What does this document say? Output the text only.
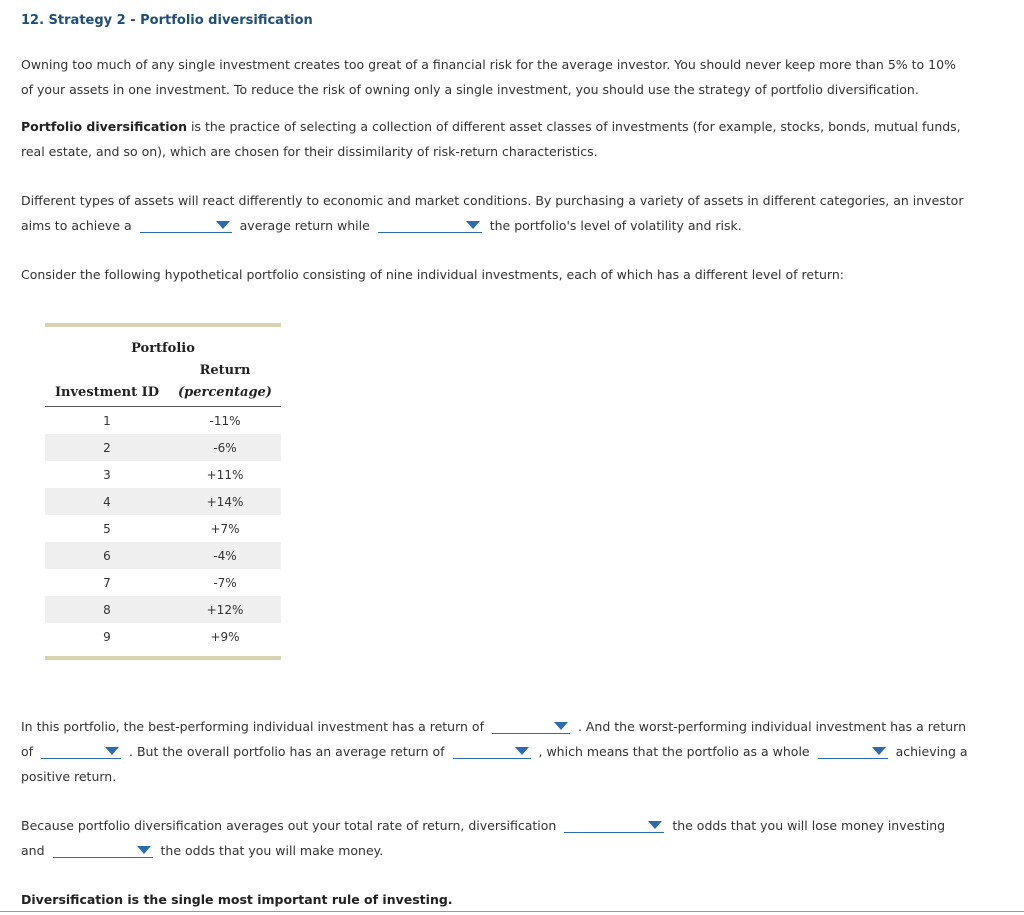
12. Strategy 2 - Portfolio diversification

Owning too much of any single investment creates too great of a financial risk for the average investor. You should never keep more than 5% to 10%
of your assets in one investment. To reduce the risk of owning only a single investment, you should use the strategy of portfolio diversification.

Portfolio diversification is the practice of selecting a collection of different asset classes of investments (for example, stocks, bonds, mutual funds,
real estate, and so on), which are chosen for their dissimilarity of risk-return characteristics.

Different types of assets will react differently to economic and market conditions. By purchasing a variety of assets in different categories, an investor
aims to achieve a	average return while	the portfolio's level of volatility and risk.

Consider the following hypothetical portfolio consisting of nine individual investments, each of which has a different level of return:

Portfolio
Return
Investment ID	(percentage)
1	-11%
2	-6%
3	+11%
4	+14%
5	+7%
6	-4%
7	-7%
8	+12%
9	+9%

In this portfolio, the best-performing individual investment has a return of	. And the worst-performing individual investment has a return
of	. But the overall portfolio has an average return of	, which means that the portfolio as a whole	achieving a
positive return.

Because portfolio diversification averages out your total rate of return, diversification	the odds that you will lose money investing
and	the odds that you will make money.

Diversification is the single most important rule of investing.
